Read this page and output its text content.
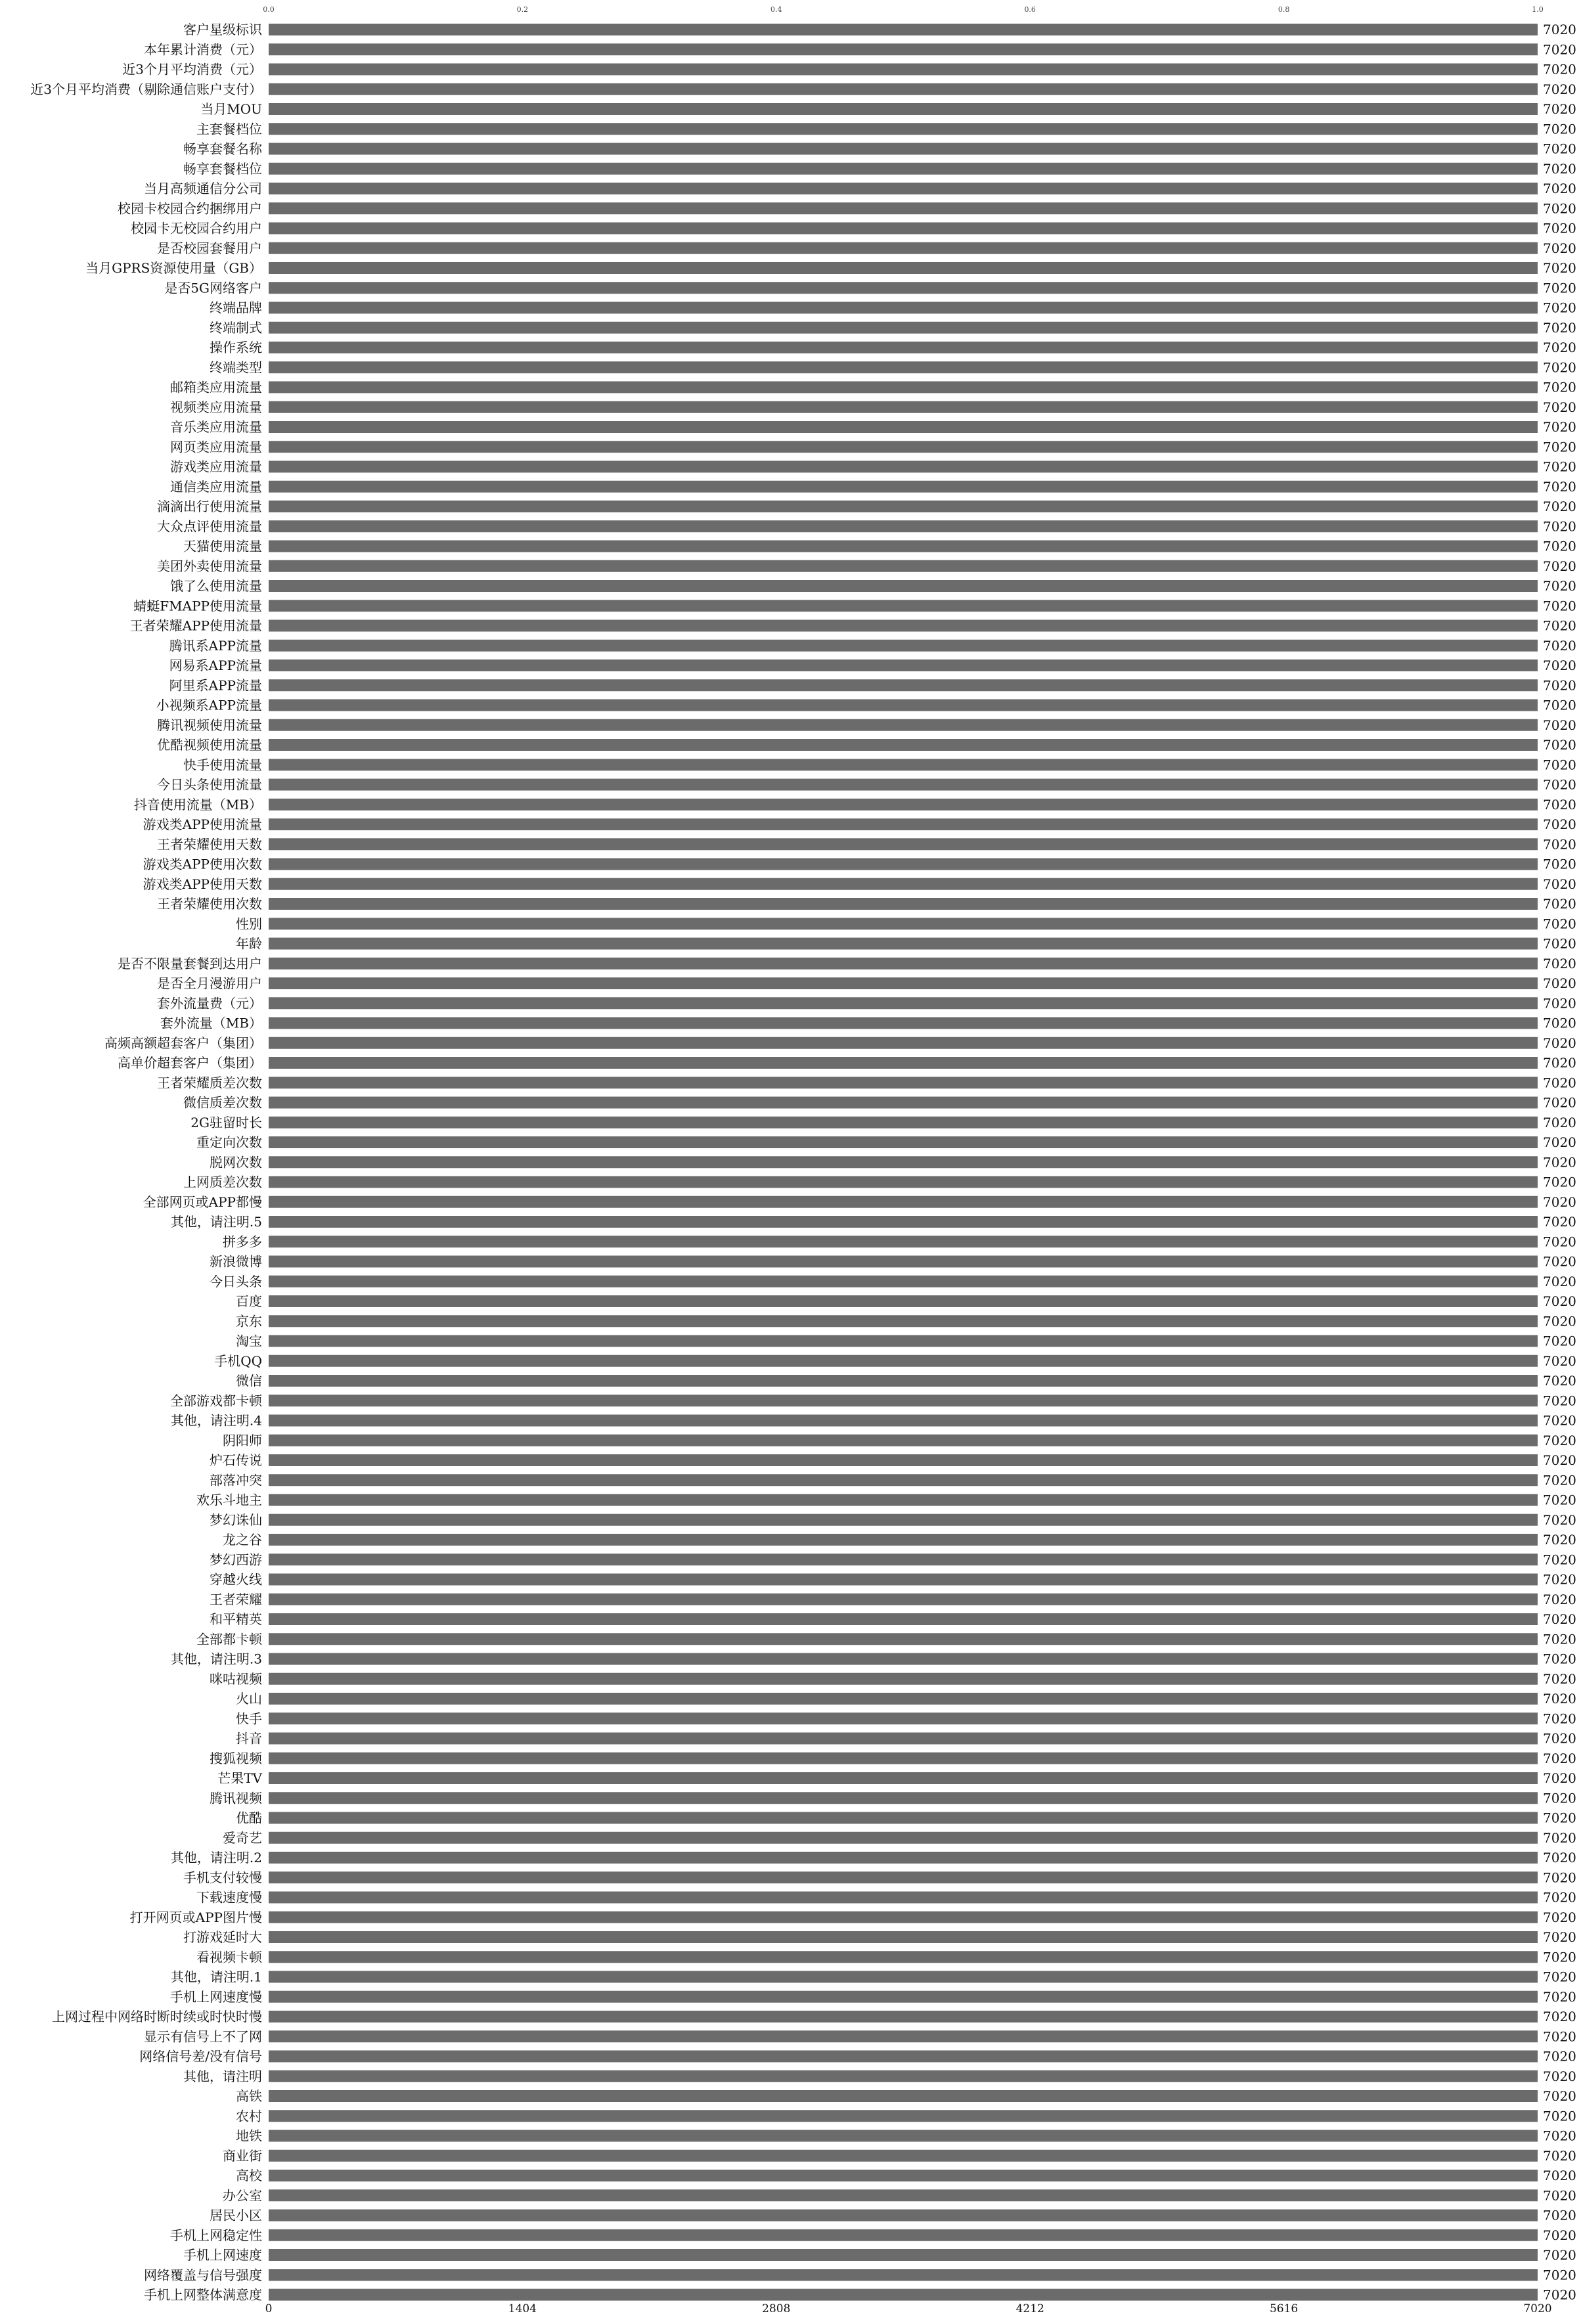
0.0	0.2	0.4	0.6	0.8	1.0
客户星级标识
本年累计消费（元）
近3个月平均消费（元）
近3个月平均消费（剔除通信账户支付）
当月MOU
主套餐档位
畅享套餐名称
畅享套餐档位
当月高频通信分公司
校园卡校园合约捆绑用户
校园卡无校园合约用户
是否校园套餐用户
当月GPRS资源使用量（GB）
是否5G网络客户
终端品牌
终端制式
操作系统
终端类型
邮箱类应用流量
视频类应用流量
音乐类应用流量
网页类应用流量
游戏类应用流量
通信类应用流量
滴滴出行使用流量
大众点评使用流量
天猫使用流量
美团外卖使用流量
饿了么使用流量
蜻蜓FMAPP使用流量
王者荣耀APP使用流量
腾讯系APP流量
网易系APP流量
阿里系APP流量
小视频系APP流量
腾讯视频使用流量
优酷视频使用流量
快手使用流量
今日头条使用流量
抖音使用流量（MB）
游戏类APP使用流量
王者荣耀使用天数
游戏类APP使用次数
游戏类APP使用天数
王者荣耀使用次数
性别
年龄
是否不限量套餐到达用户
是否全月漫游用户
套外流量费（元）
套外流量（MB）
高频高额超套客户（集团）
高单价超套客户（集团）
王者荣耀质差次数
微信质差次数
2G驻留时长
重定向次数
脱网次数
上网质差次数
全部网页或APP都慢
其他，请注明.5
拼多多
新浪微博
今日头条
百度
京东
淘宝
手机QQ
微信
全部游戏都卡顿
其他，请注明.4
阴阳师
炉石传说
部落冲突
欢乐斗地主
梦幻诛仙
龙之谷
梦幻西游
穿越火线
王者荣耀
和平精英
全部都卡顿
其他，请注明.3
咪咕视频
火山
快手
抖音
搜狐视频
芒果TV
腾讯视频
优酷
爱奇艺
其他，请注明.2
手机支付较慢
下载速度慢
打开网页或APP图片慢
打游戏延时大
看视频卡顿
其他，请注明.1
手机上网速度慢
上网过程中网络时断时续或时快时慢
显示有信号上不了网
网络信号差/没有信号
其他，请注明
高铁
农村
地铁
商业街
高校
办公室
居民小区
手机上网稳定性
手机上网速度
网络覆盖与信号强度
手机上网整体满意度
7020
7020
7020
7020
7020
7020
7020
7020
7020
7020
7020
7020
7020
7020
7020
7020
7020
7020
7020
7020
7020
7020
7020
7020
7020
7020
7020
7020
7020
7020
7020
7020
7020
7020
7020
7020
7020
7020
7020
7020
7020
7020
7020
7020
7020
7020
7020
7020
7020
7020
7020
7020
7020
7020
7020
7020
7020
7020
7020
7020
7020
7020
7020
7020
7020
7020
7020
7020
7020
7020
7020
7020
7020
7020
7020
7020
7020
7020
7020
7020
7020
7020
7020
7020
7020
7020
7020
7020
7020
7020
7020
7020
7020
7020
7020
7020
7020
7020
7020
7020
7020
7020
7020
7020
7020
7020
7020
7020
7020
7020
7020
7020
7020
7020
7020
0	1404	2808	4212	5616	7020
